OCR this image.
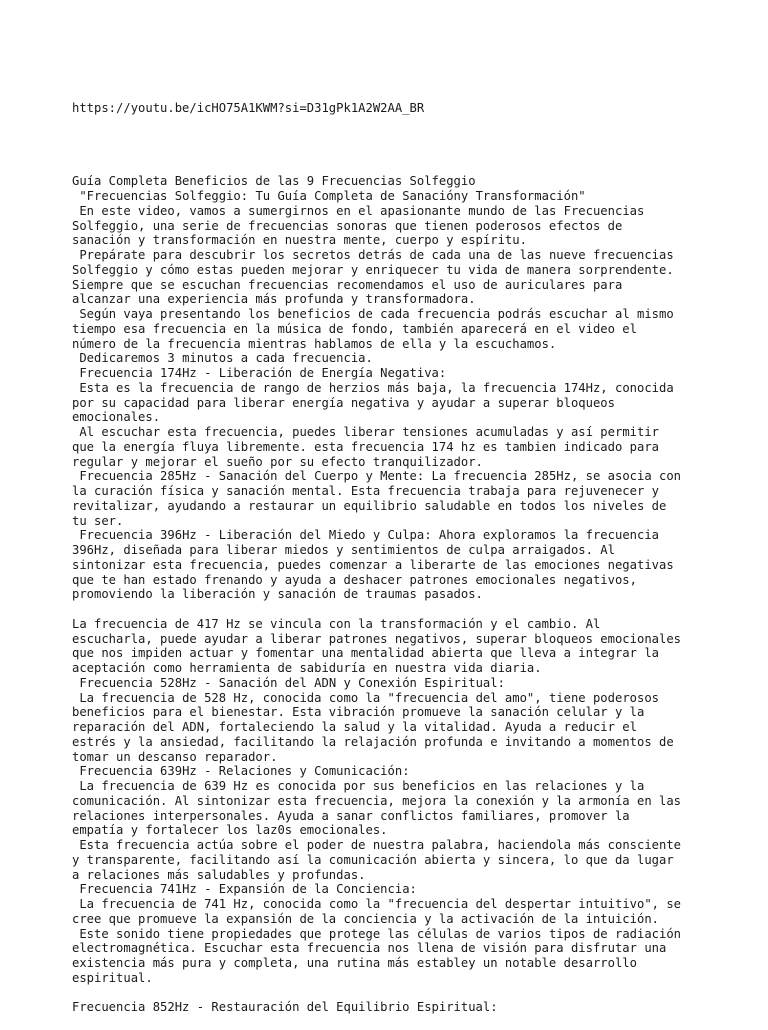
https://youtu.be/icHO75A1KWM?si=D31gPk1A2W2AA_BR

Guía Completa Beneficios de las 9 Frecuencias Solfeggio
"Frecuencias Solfeggio: Tu Guía Completa de Sanacióny Transformación"
En este video, vamos a sumergirnos en el apasionante mundo de las Frecuencias
Solfeggio, una serie de frecuencias sonoras que tienen poderosos efectos de
sanación y transformación en nuestra mente, cuerpo y espíritu.
Prepárate para descubrir los secretos detrás de cada una de las nueve frecuencias
Solfeggio y cómo estas pueden mejorar y enriquecer tu vida de manera sorprendente.
Siempre que se escuchan frecuencias recomendamos el uso de auriculares para
alcanzar una experiencia más profunda y transformadora.
Según vaya presentando los beneficios de cada frecuencia podrás escuchar al mismo
tiempo esa frecuencia en la música de fondo, también aparecerá en el video el
número de la frecuencia mientras hablamos de ella y la escuchamos.
Dedicaremos 3 minutos a cada frecuencia.
Frecuencia 174Hz - Liberación de Energía Negativa:
Esta es la frecuencia de rango de herzios más baja, la frecuencia 174Hz, conocida
por su capacidad para liberar energía negativa y ayudar a superar bloqueos
emocionales.
Al escuchar esta frecuencia, puedes liberar tensiones acumuladas y así permitir
que la energía fluya libremente. esta frecuencia 174 hz es tambien indicado para
regular y mejorar el sueño por su efecto tranquilizador.
Frecuencia 285Hz - Sanación del Cuerpo y Mente: La frecuencia 285Hz, se asocia con
la curación física y sanación mental. Esta frecuencia trabaja para rejuvenecer y
revitalizar, ayudando a restaurar un equilibrio saludable en todos los niveles de
tu ser.
Frecuencia 396Hz - Liberación del Miedo y Culpa: Ahora exploramos la frecuencia
396Hz, diseñada para liberar miedos y sentimientos de culpa arraigados. Al
sintonizar esta frecuencia, puedes comenzar a liberarte de las emociones negativas
que te han estado frenando y ayuda a deshacer patrones emocionales negativos,
promoviendo la liberación y sanación de traumas pasados.
La frecuencia de 417 Hz se vincula con la transformación y el cambio. Al
escucharla, puede ayudar a liberar patrones negativos, superar bloqueos emocionales
que nos impiden actuar y fomentar una mentalidad abierta que lleva a integrar la
aceptación como herramienta de sabiduría en nuestra vida diaria.
Frecuencia 528Hz - Sanación del ADN y Conexión Espiritual:
La frecuencia de 528 Hz, conocida como la "frecuencia del amo", tiene poderosos
beneficios para el bienestar. Esta vibración promueve la sanación celular y la
reparación del ADN, fortaleciendo la salud y la vitalidad. Ayuda a reducir el
estrés y la ansiedad, facilitando la relajación profunda e invitando a momentos de
tomar un descanso reparador.
Frecuencia 639Hz - Relaciones y Comunicación:
La frecuencia de 639 Hz es conocida por sus beneficios en las relaciones y la
comunicación. Al sintonizar esta frecuencia, mejora la conexión y la armonía en las
relaciones interpersonales. Ayuda a sanar conflictos familiares, promover la
empatía y fortalecer los laz0s emocionales.
Esta frecuencia actúa sobre el poder de nuestra palabra, haciendola más consciente
y transparente, facilitando así la comunicación abierta y sincera, lo que da lugar
a relaciones más saludables y profundas.
Frecuencia 741Hz - Expansión de la Conciencia:
La frecuencia de 741 Hz, conocida como la "frecuencia del despertar intuitivo", se
cree que promueve la expansión de la conciencia y la activación de la intuición.
Este sonido tiene propiedades que protege las células de varios tipos de radiación
electromagnética. Escuchar esta frecuencia nos llena de visión para disfrutar una
existencia más pura y completa, una rutina más establey un notable desarrollo
espiritual.
Frecuencia 852Hz - Restauración del Equilibrio Espiritual:
